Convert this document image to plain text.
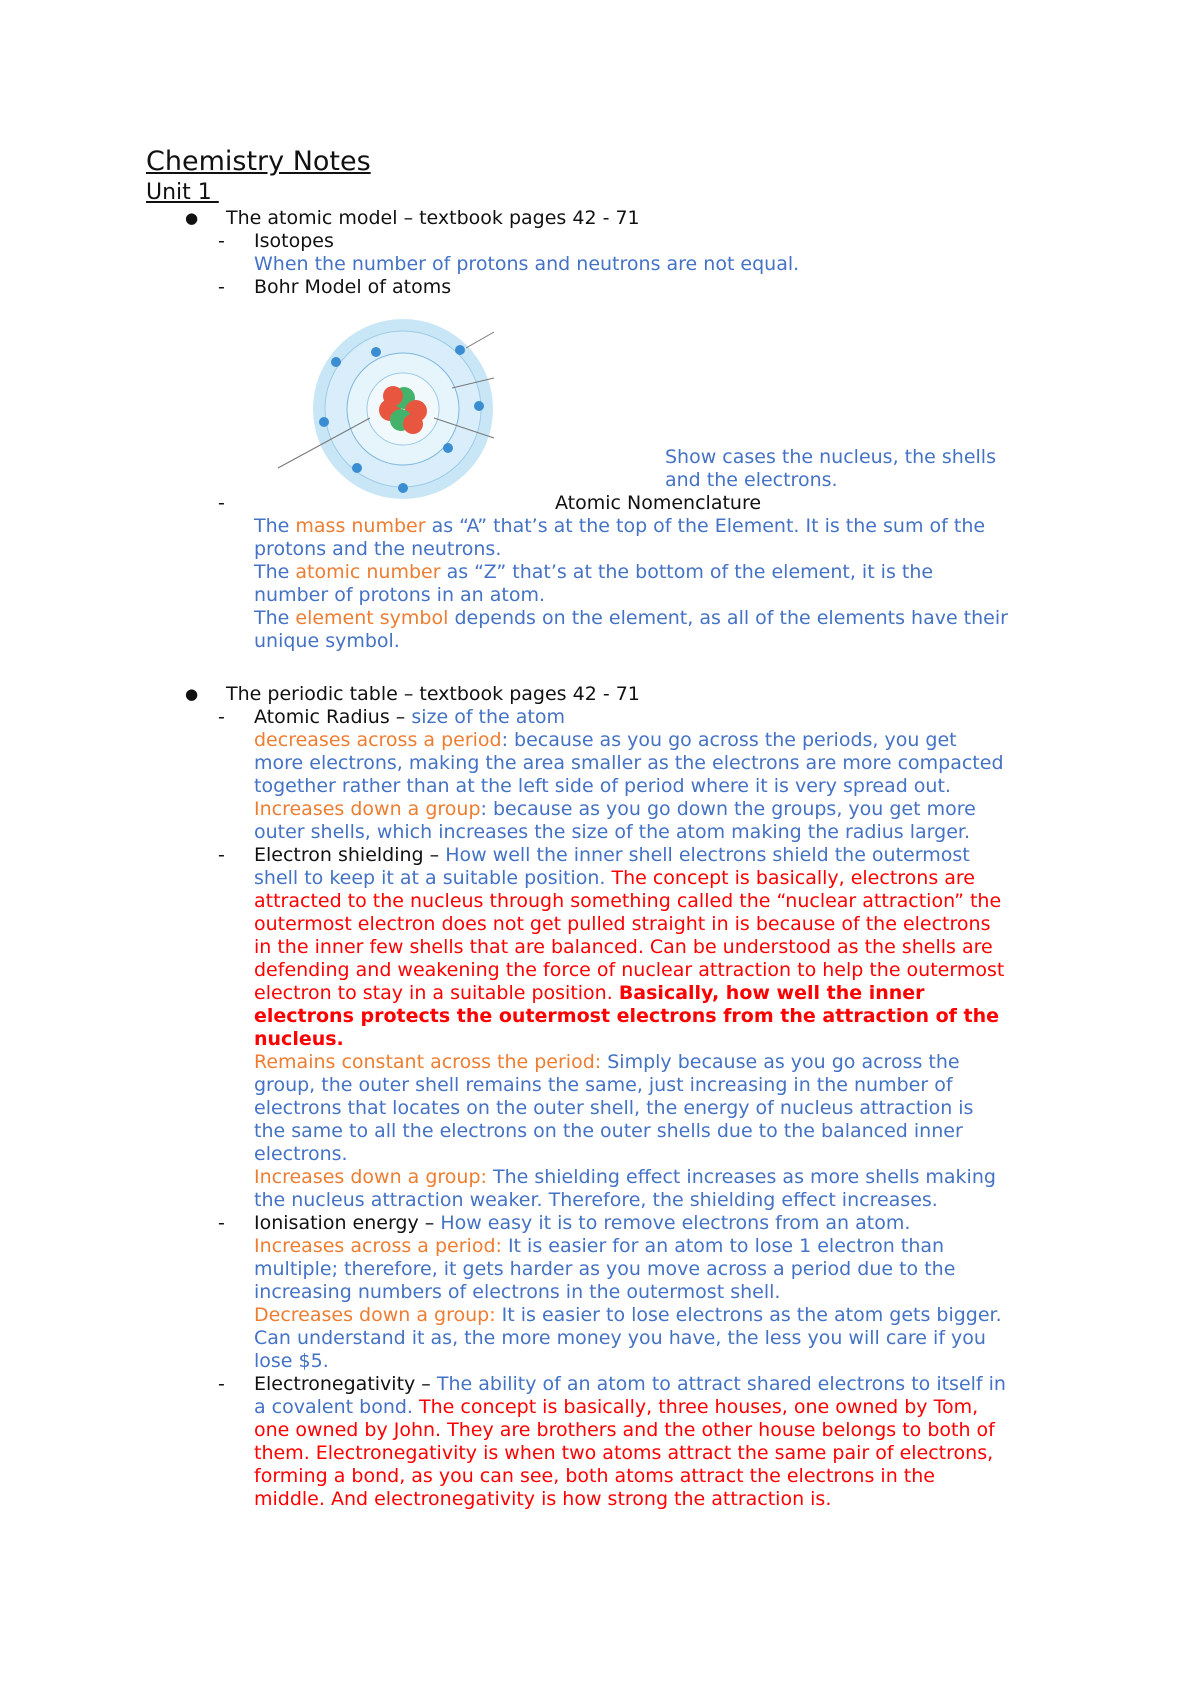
Chemistry Notes
Unit 1
● The atomic model – textbook pages 42 - 71
- Isotopes
When the number of protons and neutrons are not equal.
- Bohr Model of atoms
Show cases the nucleus, the shells
and the electrons.
-	Atomic Nomenclature
The mass number as “A” that’s at the top of the Element. It is the sum of the
protons and the neutrons.
The atomic number as “Z” that’s at the bottom of the element, it is the
number of protons in an atom.
The element symbol depends on the element, as all of the elements have their
unique symbol.
● The periodic table – textbook pages 42 - 71
- Atomic Radius – size of the atom
decreases across a period: because as you go across the periods, you get
more electrons, making the area smaller as the electrons are more compacted
together rather than at the left side of period where it is very spread out.
Increases down a group: because as you go down the groups, you get more
outer shells, which increases the size of the atom making the radius larger.
- Electron shielding – How well the inner shell electrons shield the outermost
shell to keep it at a suitable position. The concept is basically, electrons are
attracted to the nucleus through something called the “nuclear attraction” the
outermost electron does not get pulled straight in is because of the electrons
in the inner few shells that are balanced. Can be understood as the shells are
defending and weakening the force of nuclear attraction to help the outermost
electron to stay in a suitable position. Basically, how well the inner
electrons protects the outermost electrons from the attraction of the
nucleus.
Remains constant across the period: Simply because as you go across the
group, the outer shell remains the same, just increasing in the number of
electrons that locates on the outer shell, the energy of nucleus attraction is
the same to all the electrons on the outer shells due to the balanced inner
electrons.
Increases down a group: The shielding effect increases as more shells making
the nucleus attraction weaker. Therefore, the shielding effect increases.
- Ionisation energy – How easy it is to remove electrons from an atom.
Increases across a period: It is easier for an atom to lose 1 electron than
multiple; therefore, it gets harder as you move across a period due to the
increasing numbers of electrons in the outermost shell.
Decreases down a group: It is easier to lose electrons as the atom gets bigger.
Can understand it as, the more money you have, the less you will care if you
lose $5.
- Electronegativity – The ability of an atom to attract shared electrons to itself in
a covalent bond. The concept is basically, three houses, one owned by Tom,
one owned by John. They are brothers and the other house belongs to both of
them. Electronegativity is when two atoms attract the same pair of electrons,
forming a bond, as you can see, both atoms attract the electrons in the
middle. And electronegativity is how strong the attraction is.
